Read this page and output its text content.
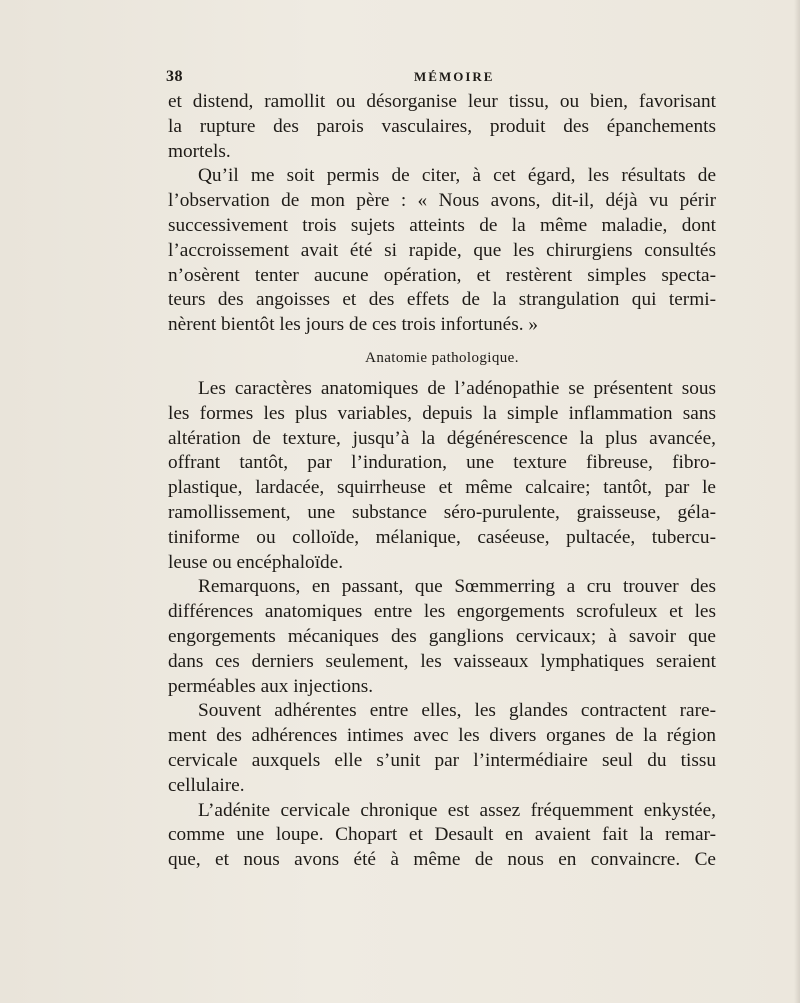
38	MÉMOIRE
et distend, ramollit ou désorganise leur tissu, ou bien, favorisant
la rupture des parois vasculaires, produit des épanchements
mortels.
Qu’il me soit permis de citer, à cet égard, les résultats de
l’observation de mon père : « Nous avons, dit-il, déjà vu périr
successivement trois sujets atteints de la même maladie, dont
l’accroissement avait été si rapide, que les chirurgiens consultés
n’osèrent tenter aucune opération, et restèrent simples specta-
teurs des angoisses et des effets de la strangulation qui termi-
nèrent bientôt les jours de ces trois infortunés. »
Anatomie pathologique.
Les caractères anatomiques de l’adénopathie se présentent sous
les formes les plus variables, depuis la simple inflammation sans
altération de texture, jusqu’à la dégénérescence la plus avancée,
offrant tantôt, par l’induration, une texture fibreuse, fibro-
plastique, lardacée, squirrheuse et même calcaire; tantôt, par le
ramollissement, une substance séro-purulente, graisseuse, géla-
tiniforme ou colloïde, mélanique, caséeuse, pultacée, tubercu-
leuse ou encéphaloïde.
Remarquons, en passant, que Sœmmerring a cru trouver des
différences anatomiques entre les engorgements scrofuleux et les
engorgements mécaniques des ganglions cervicaux; à savoir que
dans ces derniers seulement, les vaisseaux lymphatiques seraient
perméables aux injections.
Souvent adhérentes entre elles, les glandes contractent rare-
ment des adhérences intimes avec les divers organes de la région
cervicale auxquels elle s’unit par l’intermédiaire seul du tissu
cellulaire.
L’adénite cervicale chronique est assez fréquemment enkystée,
comme une loupe. Chopart et Desault en avaient fait la remar-
que, et nous avons été à même de nous en convaincre. Ce
